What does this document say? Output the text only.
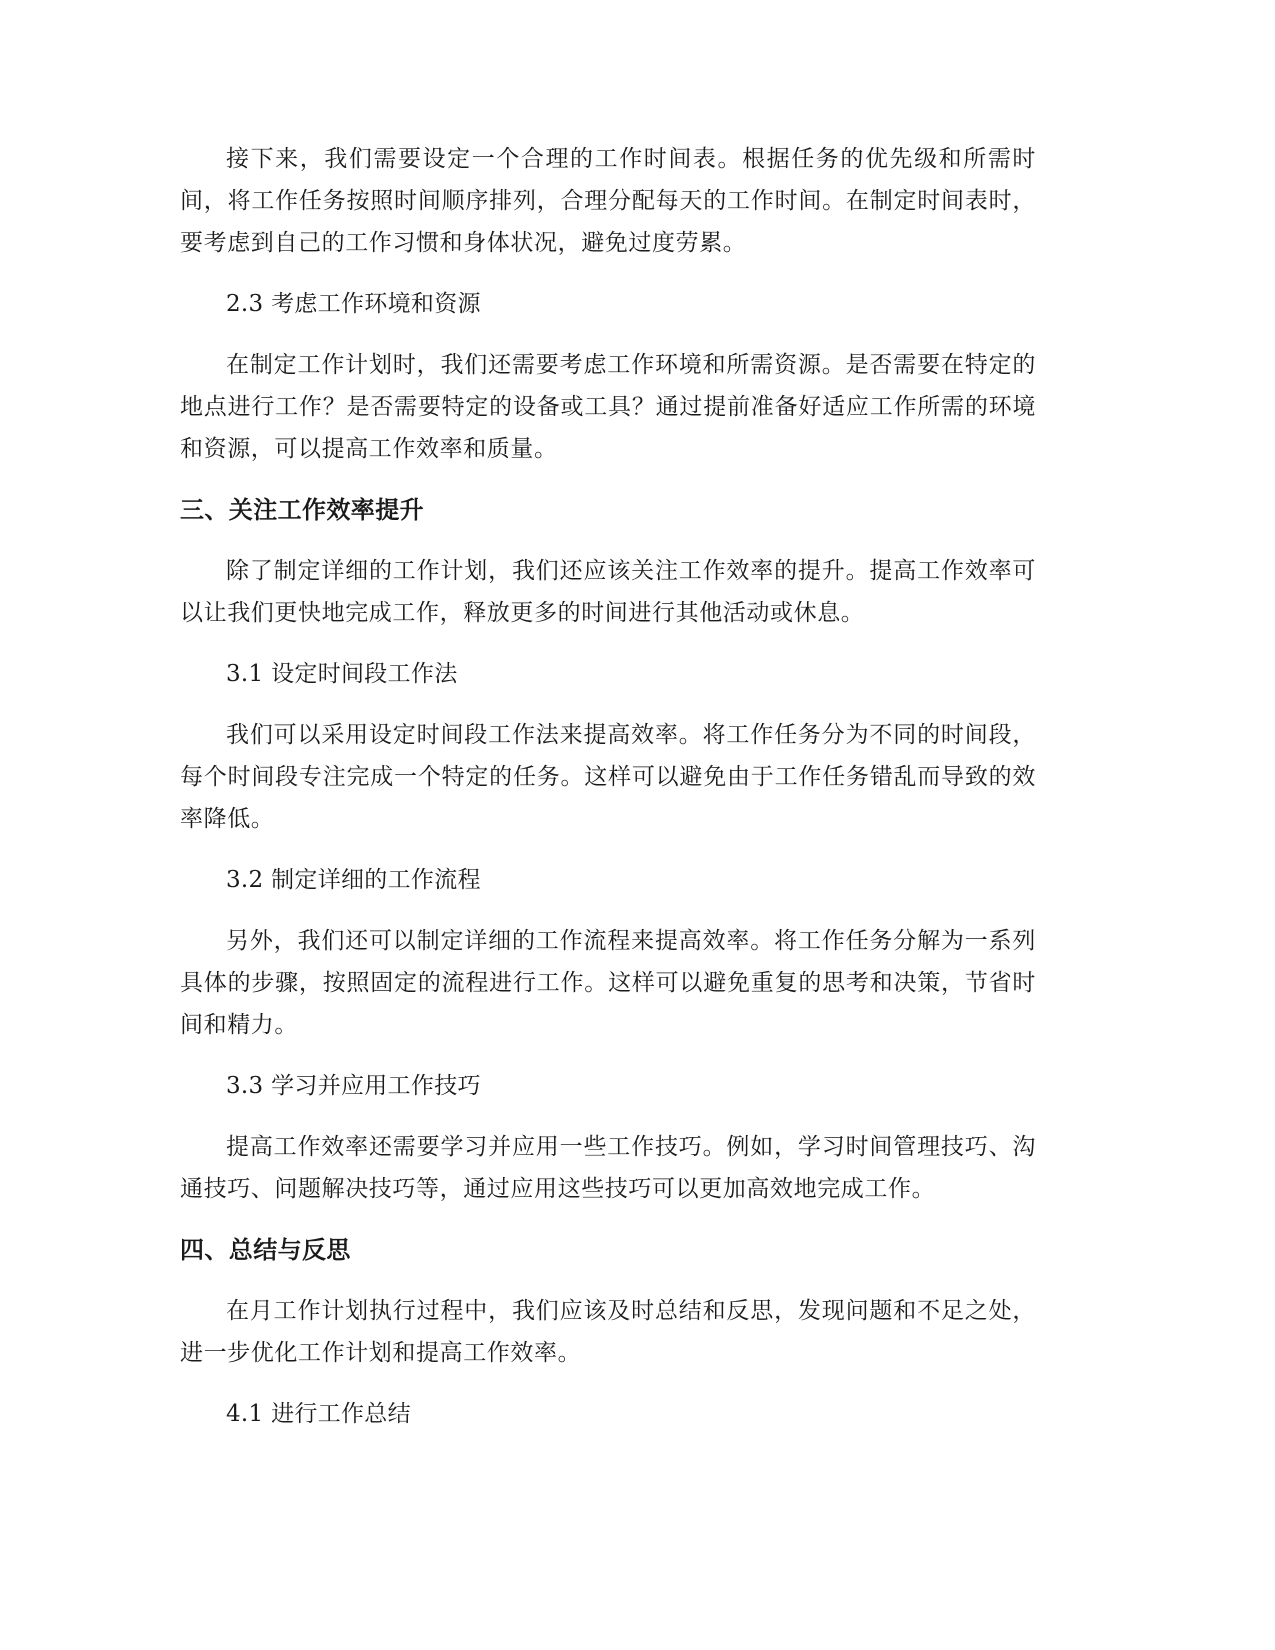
接下来，我们需要设定一个合理的工作时间表。根据任务的优先级和所需时间，将工作任务按照时间顺序排列，合理分配每天的工作时间。在制定时间表时，要考虑到自己的工作习惯和身体状况，避免过度劳累。

2.3 考虑工作环境和资源

在制定工作计划时，我们还需要考虑工作环境和所需资源。是否需要在特定的地点进行工作？是否需要特定的设备或工具？通过提前准备好适应工作所需的环境和资源，可以提高工作效率和质量。

三、关注工作效率提升

除了制定详细的工作计划，我们还应该关注工作效率的提升。提高工作效率可以让我们更快地完成工作，释放更多的时间进行其他活动或休息。

3.1 设定时间段工作法

我们可以采用设定时间段工作法来提高效率。将工作任务分为不同的时间段，每个时间段专注完成一个特定的任务。这样可以避免由于工作任务错乱而导致的效率降低。

3.2 制定详细的工作流程

另外，我们还可以制定详细的工作流程来提高效率。将工作任务分解为一系列具体的步骤，按照固定的流程进行工作。这样可以避免重复的思考和决策，节省时间和精力。

3.3 学习并应用工作技巧

提高工作效率还需要学习并应用一些工作技巧。例如，学习时间管理技巧、沟通技巧、问题解决技巧等，通过应用这些技巧可以更加高效地完成工作。

四、总结与反思

在月工作计划执行过程中，我们应该及时总结和反思，发现问题和不足之处，进一步优化工作计划和提高工作效率。

4.1 进行工作总结
